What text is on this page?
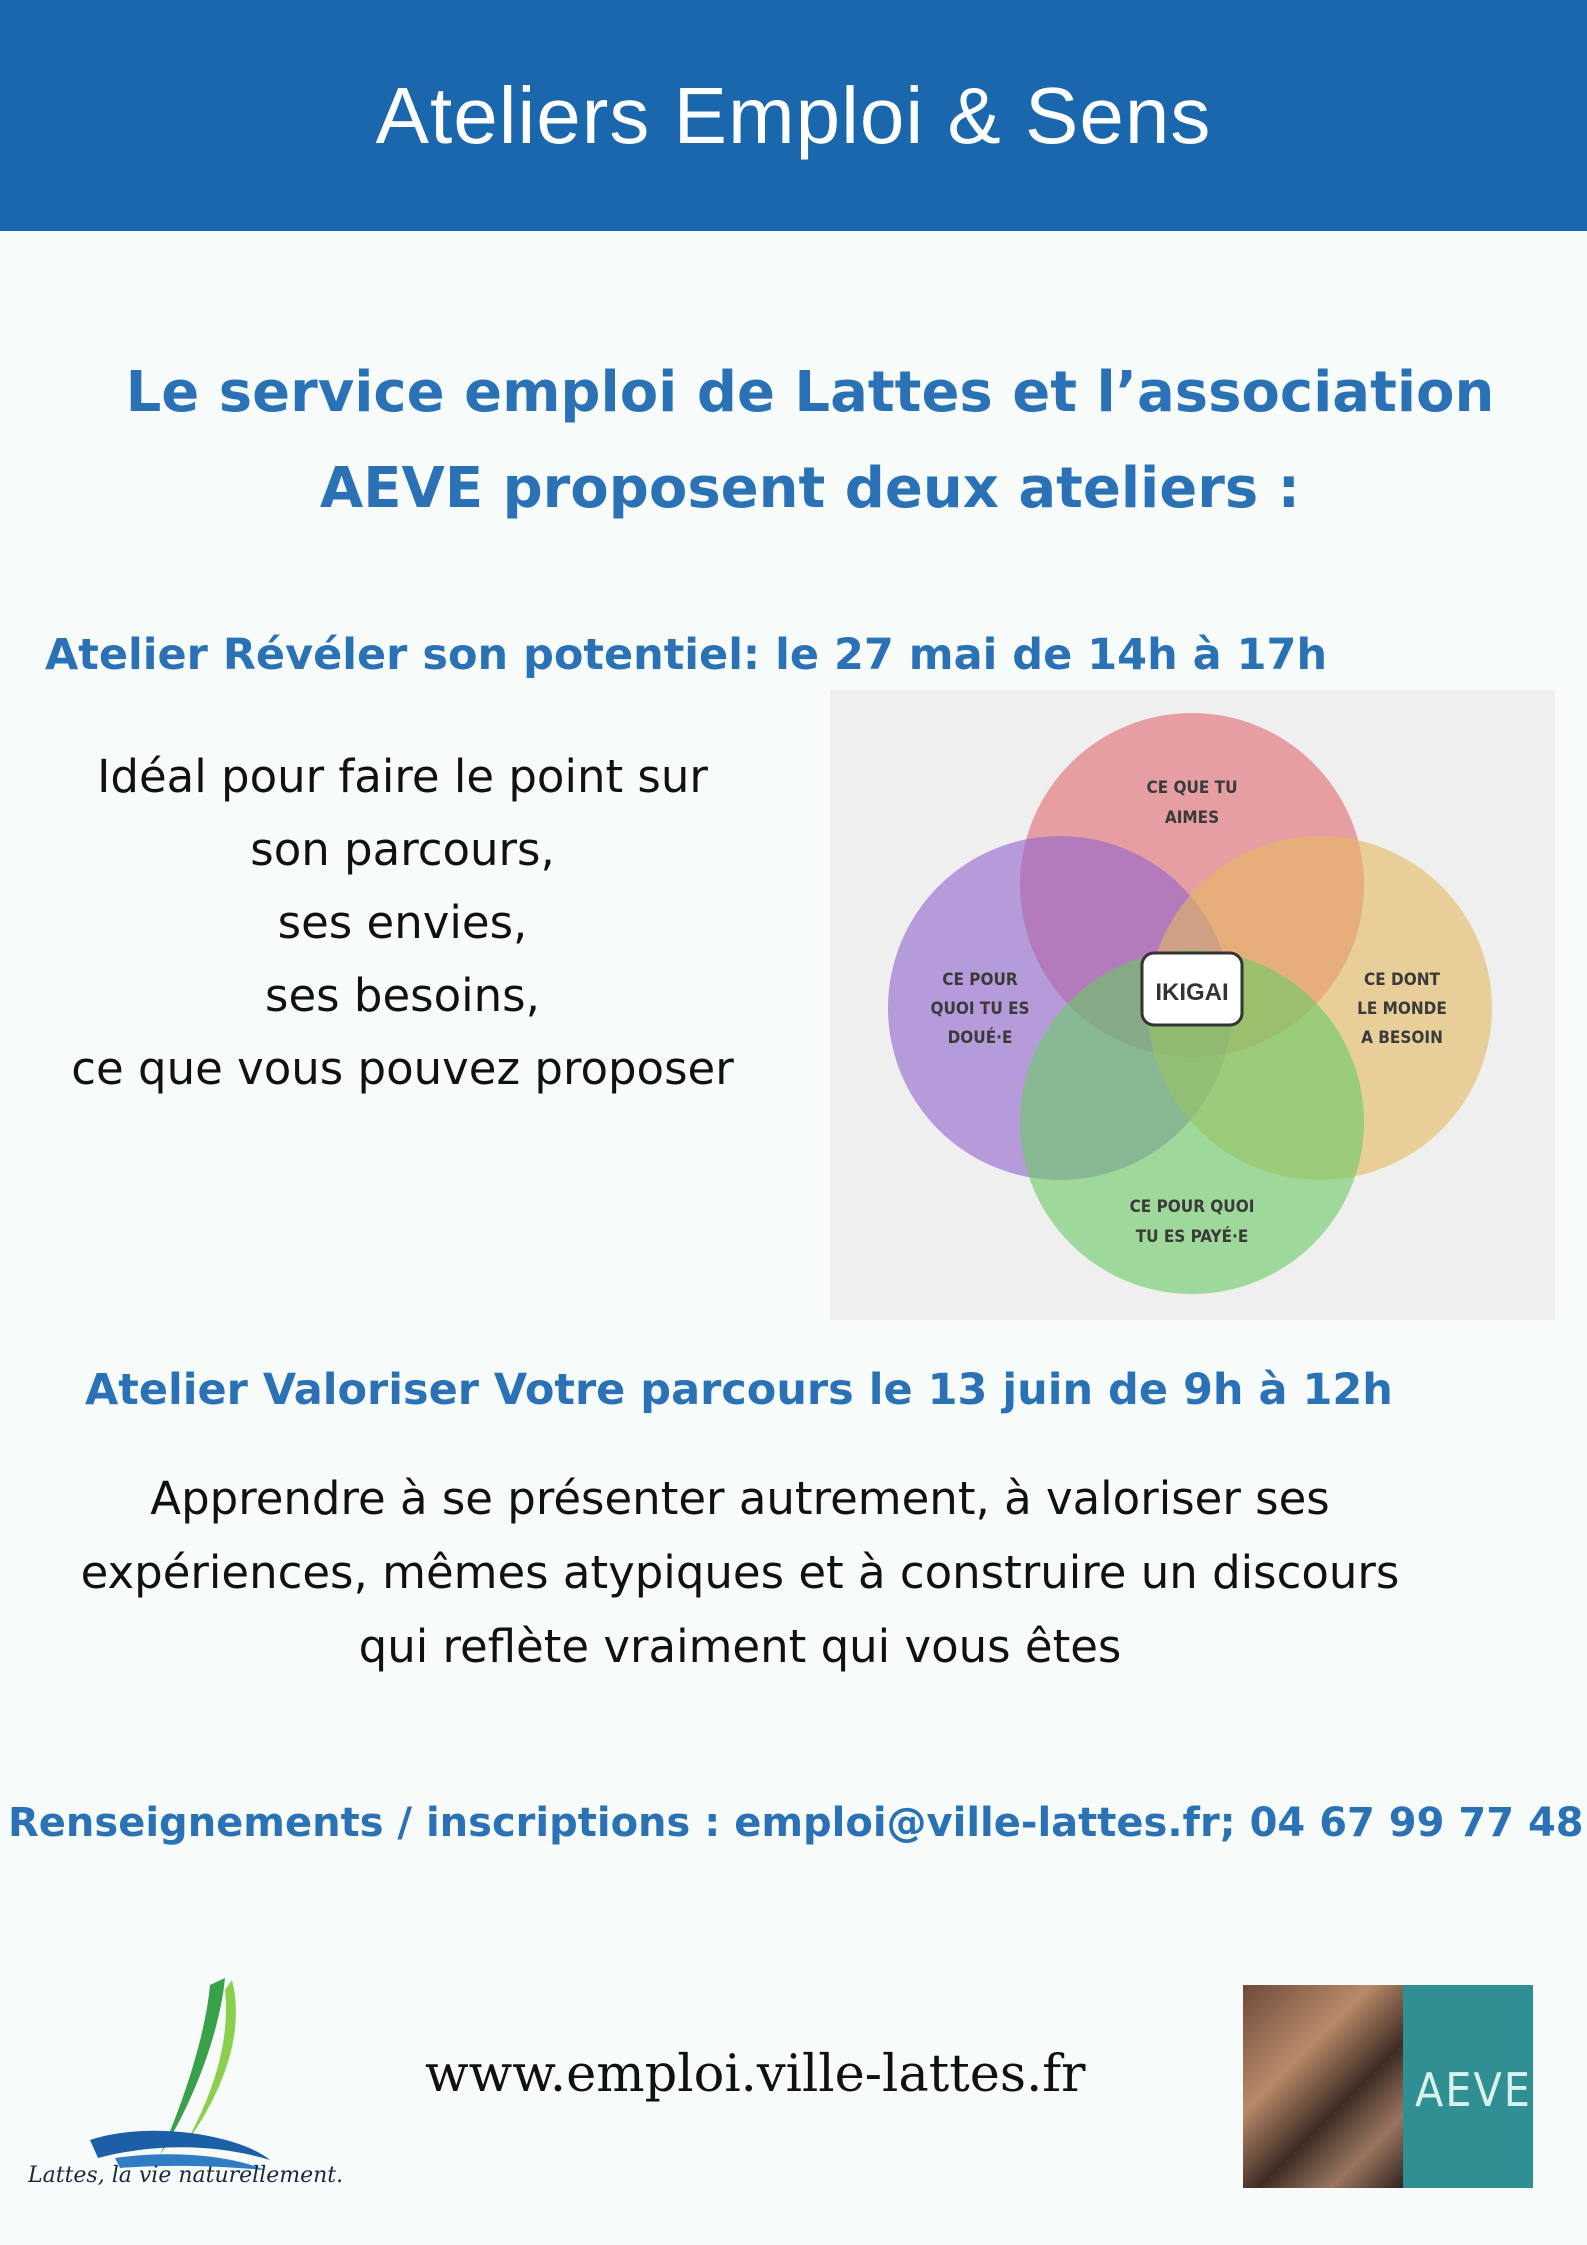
Ateliers Emploi & Sens
Le service emploi de Lattes et l’association
AEVE proposent deux ateliers :
Atelier Révéler son potentiel: le 27 mai de 14h à 17h
Idéal pour faire le point sur
son parcours,
ses envies,
ses besoins,
ce que vous pouvez proposer
IKIGAI
CE QUE TU
AIMES
CE POUR
QUOI TU ES
DOUÉ·E
CE DONT
LE MONDE
A BESOIN
CE POUR QUOI
TU ES PAYÉ·E
Atelier Valoriser Votre parcours le 13 juin de 9h à 12h
Apprendre à se présenter autrement, à valoriser ses
expériences, mêmes atypiques et à construire un discours
qui reflète vraiment qui vous êtes
Renseignements / inscriptions : emploi@ville-lattes.fr; 04 67 99 77 48
Lattes, la vie naturellement.
www.emploi.ville-lattes.fr	AEVE
